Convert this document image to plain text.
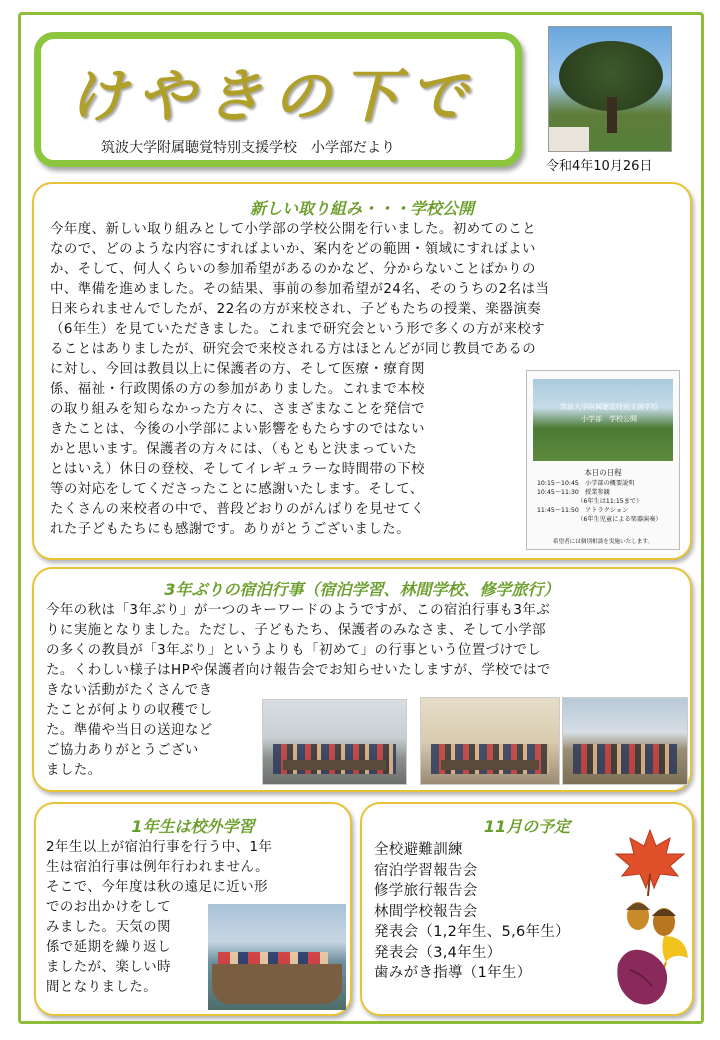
けやきの下で
筑波大学附属聴覚特別支援学校　小学部だより
令和4年10月26日
新しい取り組み・・・学校公開
今年度、新しい取り組みとして小学部の学校公開を行いました。初めてのこと
なので、どのような内容にすればよいか、案内をどの範囲・領域にすればよい
か、そして、何人くらいの参加希望があるのかなど、分からないことばかりの
中、準備を進めました。その結果、事前の参加希望が24名、そのうちの2名は当
日来られませんでしたが、22名の方が来校され、子どもたちの授業、楽器演奏
（6年生）を見ていただきました。これまで研究会という形で多くの方が来校す
ることはありましたが、研究会で来校される方はほとんどが同じ教員であるの
に対し、今回は教員以上に保護者の方、そして医療・療育関
係、福祉・行政関係の方の参加がありました。これまで本校
の取り組みを知らなかった方々に、さまざまなことを発信で
きたことは、今後の小学部によい影響をもたらすのではない
かと思います。保護者の方々には、（もともと決まっていた
とはいえ）休日の登校、そしてイレギュラーな時間帯の下校
等の対応をしてくださったことに感謝いたします。そして、
たくさんの来校者の中で、普段どおりのがんばりを見せてく
れた子どもたちにも感謝です。ありがとうございました。
筑波大学附属聴覚特別支援学校
小学部　学校公開
本日の日程
10:15～10:45　小学部の概要説明
10:45～11:30　授業参観
　　　　　　　（6年生は11:15まで）
11:45～11:50　アトラクション
　　　　　　　（6年生児童による楽器演奏）
希望者には個別相談を実施いたします。
3年ぶりの宿泊行事（宿泊学習、林間学校、修学旅行）
今年の秋は「3年ぶり」が一つのキーワードのようですが、この宿泊行事も3年ぶ
りに実施となりました。ただし、子どもたち、保護者のみなさま、そして小学部
の多くの教員が「3年ぶり」というよりも「初めて」の行事という位置づけでし
た。くわしい様子はHPや保護者向け報告会でお知らせいたしますが、学校ではで
きない活動がたくさんでき
たことが何よりの収穫でし
た。準備や当日の送迎など
ご協力ありがとうござい
ました。
1年生は校外学習
2年生以上が宿泊行事を行う中、1年
生は宿泊行事は例年行われません。
そこで、今年度は秋の遠足に近い形
でのお出かけをして
みました。天気の関
係で延期を繰り返し
ましたが、楽しい時
間となりました。
11月の予定
全校避難訓練
宿泊学習報告会
修学旅行報告会
林間学校報告会
発表会（1,2年生、5,6年生）
発表会（3,4年生）
歯みがき指導（1年生）
